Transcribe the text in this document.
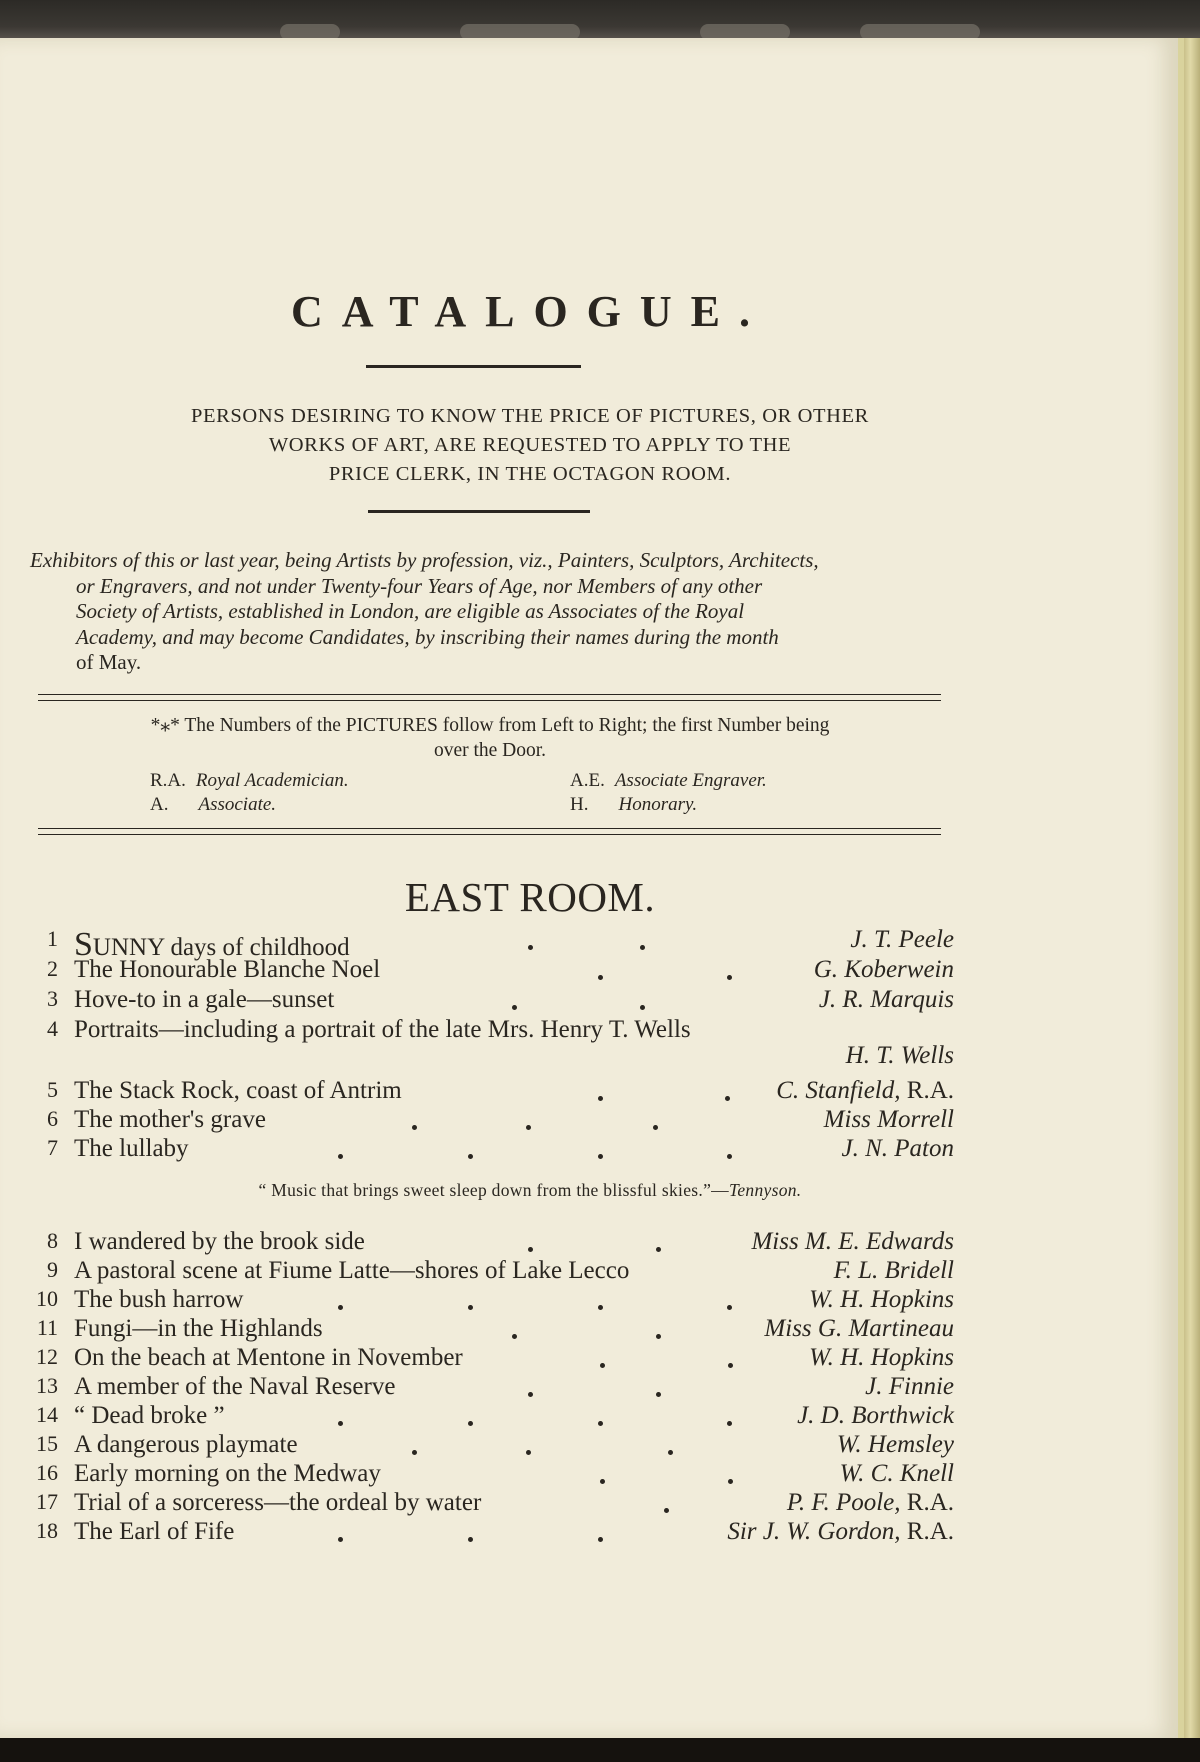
CATALOGUE.
PERSONS DESIRING TO KNOW THE PRICE OF PICTURES, OR OTHER
WORKS OF ART, ARE REQUESTED TO APPLY TO THE
PRICE CLERK, IN THE OCTAGON ROOM.
Exhibitors of this or last year, being Artists by profession, viz., Painters, Sculptors, Architects,
or Engravers, and not under Twenty-four Years of Age, nor Members of any other
Society of Artists, established in London, are eligible as Associates of the Royal
Academy, and may become Candidates, by inscribing their names during the month
of May.
*⁎* The Numbers of the PICTURES follow from Left to Right; the first Number being
over the Door.
R.A. Royal Academician.
A. Associate.
A.E. Associate Engraver.
H. Honorary.
EAST ROOM.
1 SUNNY days of childhood	J. T. Peele
2 The Honourable Blanche Noel	G. Koberwein
3 Hove-to in a gale—sunset	J. R. Marquis
4 Portraits—including a portrait of the late Mrs. Henry T. Wells
H. T. Wells
5 The Stack Rock, coast of Antrim	C. Stanfield, R.A.
6 The mother's grave	Miss Morrell
7 The lullaby	J. N. Paton
“ Music that brings sweet sleep down from the blissful skies.”—Tennyson.
8 I wandered by the brook side	Miss M. E. Edwards
9 A pastoral scene at Fiume Latte—shores of Lake Lecco	F. L. Bridell
10 The bush harrow	W. H. Hopkins
11 Fungi—in the Highlands	Miss G. Martineau
12 On the beach at Mentone in November	W. H. Hopkins
13 A member of the Naval Reserve	J. Finnie
14 “ Dead broke ”	J. D. Borthwick
15 A dangerous playmate	W. Hemsley
16 Early morning on the Medway	W. C. Knell
17 Trial of a sorceress—the ordeal by water	P. F. Poole, R.A.
18 The Earl of Fife	Sir J. W. Gordon, R.A.
